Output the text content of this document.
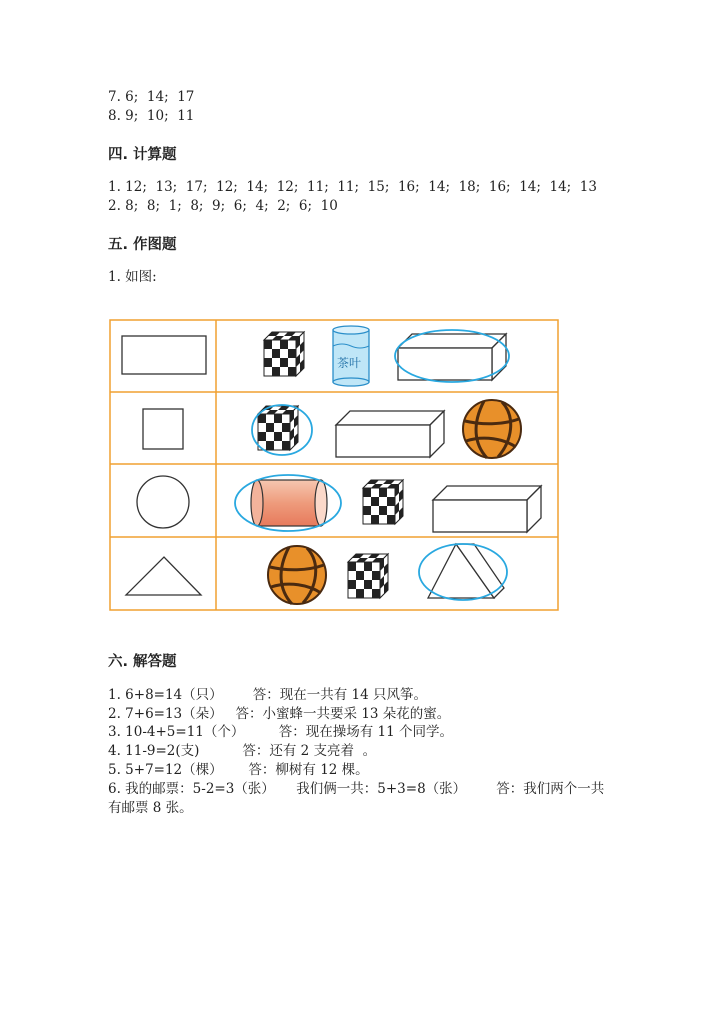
7. 6;  14;  17
8. 9;  10;  11
四. 计算题
1. 12;  13;  17;  12;  14;  12;  11;  11;  15;  16;  14;  18;  16;  14;  14;  13
2. 8;  8;  1;  8;  9;  6;  4;  2;  6;  10
五. 作图题
1. 如图:
茶叶
六. 解答题
1. 6+8=14（只）       答：现在一共有 14 只风筝。
2. 7+6=13（朵）   答：小蜜蜂一共要采 13 朵花的蜜。
3. 10-4+5=11（个）        答：现在操场有 11 个同学。
4. 11-9=2(支)          答：还有 2 支亮着  。
5. 5+7=12（棵）      答：柳树有 12 棵。
6. 我的邮票：5-2=3（张）     我们俩一共：5+3=8（张）       答：我们两个一共
有邮票 8 张。
